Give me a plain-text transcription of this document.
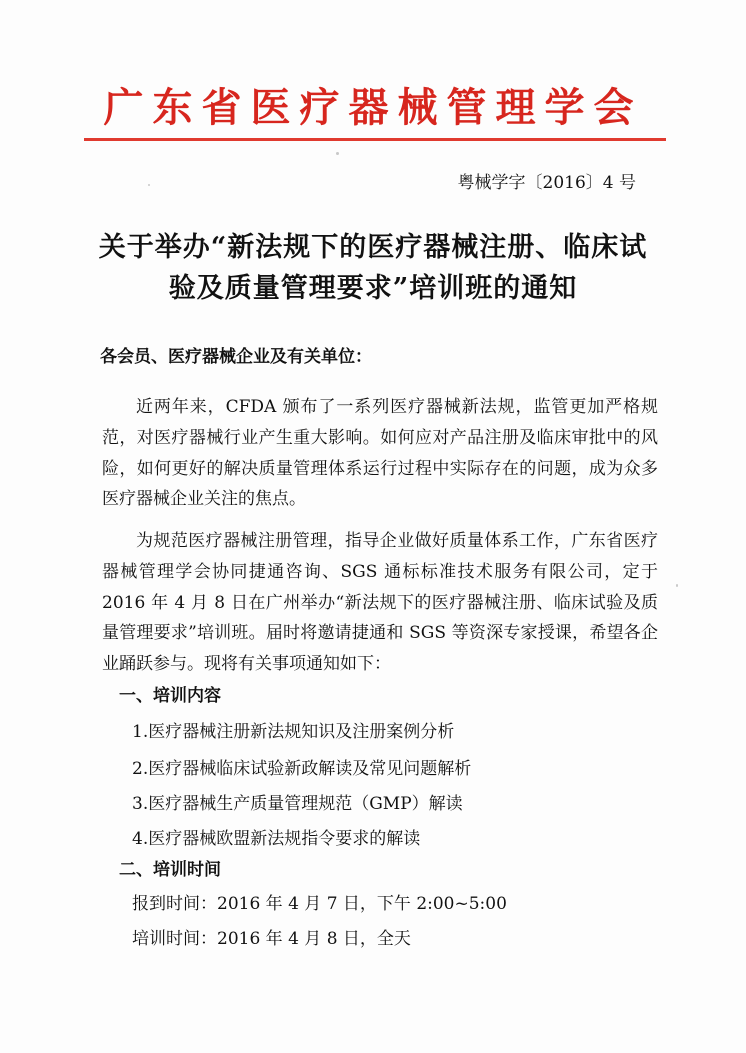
广东省医疗器械管理学会
粤械学字〔2016〕4 号
关于举办“新法规下的医疗器械注册、临床试
验及质量管理要求”培训班的通知
各会员、医疗器械企业及有关单位：

近两年来，CFDA 颁布了一系列医疗器械新法规，监管更加严格规范，对医疗器械行业产生重大影响。如何应对产品注册及临床审批中的风险，如何更好的解决质量管理体系运行过程中实际存在的问题，成为众多医疗器械企业关注的焦点。

为规范医疗器械注册管理，指导企业做好质量体系工作，广东省医疗器械管理学会协同捷通咨询、SGS 通标标准技术服务有限公司，定于 2016 年 4 月 8 日在广州举办“新法规下的医疗器械注册、临床试验及质量管理要求”培训班。届时将邀请捷通和 SGS 等资深专家授课，希望各企业踊跃参与。现将有关事项通知如下：

一、培训内容
1.医疗器械注册新法规知识及注册案例分析
2.医疗器械临床试验新政解读及常见问题解析
3.医疗器械生产质量管理规范（GMP）解读
4.医疗器械欧盟新法规指令要求的解读
二、培训时间
报到时间：2016 年 4 月 7 日，下午 2:00~5:00
培训时间：2016 年 4 月 8 日，全天
